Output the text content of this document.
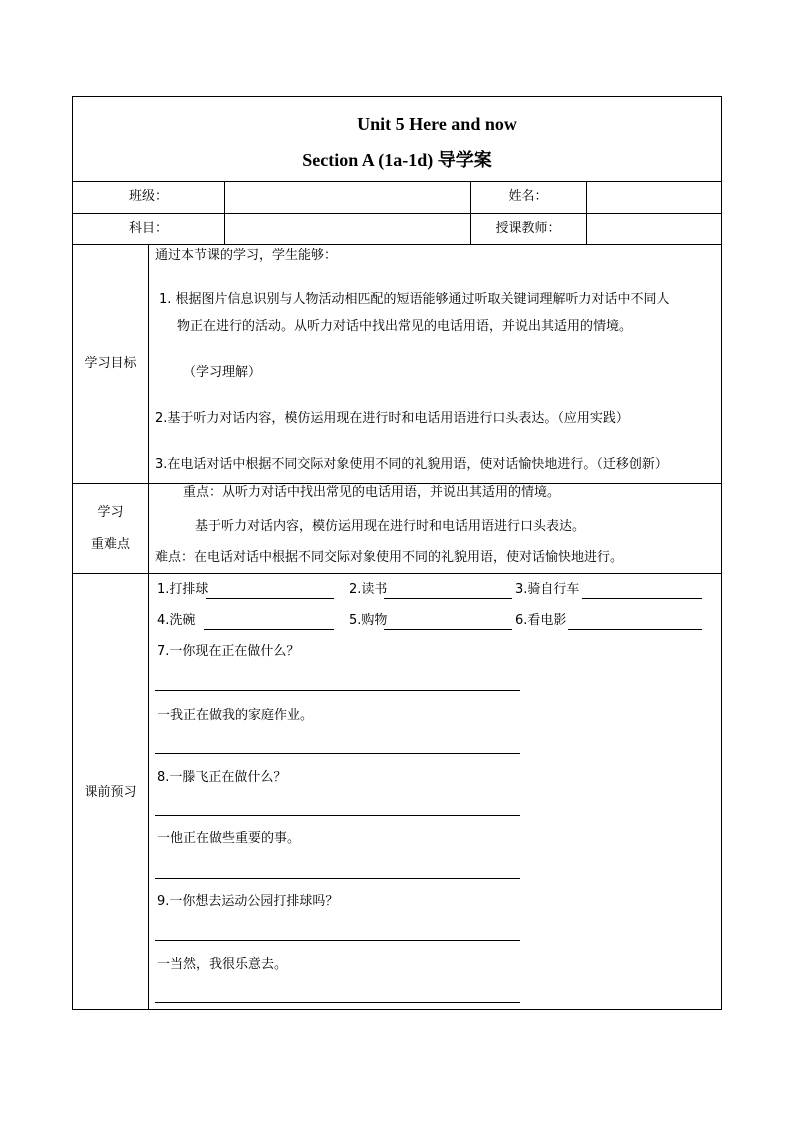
Unit 5 Here and now
Section A (1a-1d) 导学案
班级：	姓名：
科目：	授课教师：
学习目标
通过本节课的学习，学生能够：
1. 根据图片信息识别与人物活动相匹配的短语能够通过听取关键词理解听力对话中不同人
物正在进行的活动。从听力对话中找出常见的电话用语，并说出其适用的情境。
（学习理解）
2.基于听力对话内容，模仿运用现在进行时和电话用语进行口头表达。（应用实践）
3.在电话对话中根据不同交际对象使用不同的礼貌用语，使对话愉快地进行。（迁移创新）
学习
重难点
重点：从听力对话中找出常见的电话用语，并说出其适用的情境。
基于听力对话内容，模仿运用现在进行时和电话用语进行口头表达。
难点：在电话对话中根据不同交际对象使用不同的礼貌用语，使对话愉快地进行。
课前预习
1.打排球	2.读书	3.骑自行车
4.洗碗	5.购物	6.看电影
7.一你现在正在做什么？
一我正在做我的家庭作业。
8.一滕飞正在做什么？
一他正在做些重要的事。
9.一你想去运动公园打排球吗？
一当然，我很乐意去。
